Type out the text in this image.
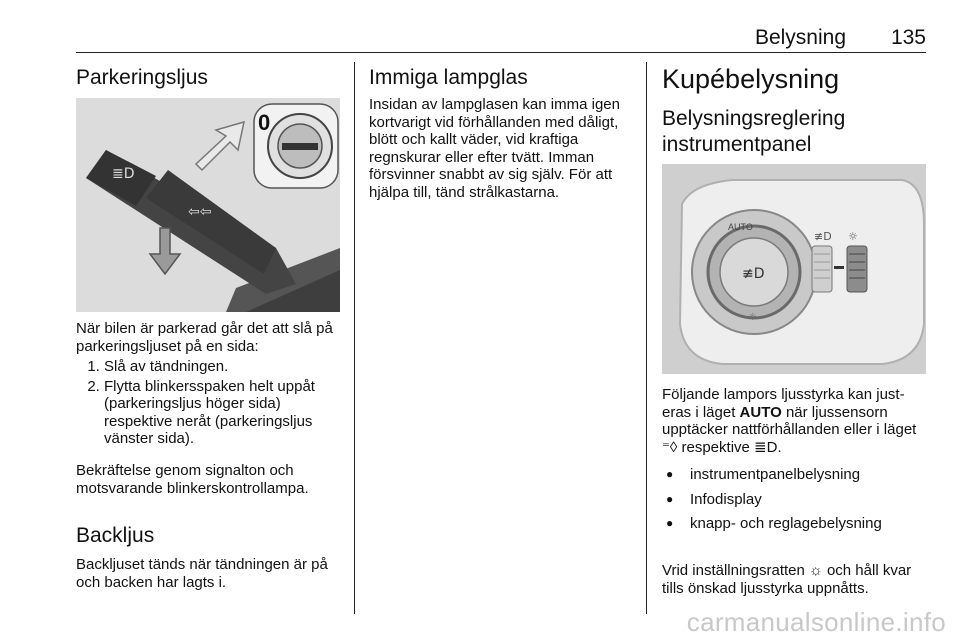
Belysning 135
Parkeringsljus
≣D
⇦⇦
0

När bilen är parkerad går det att slå på parkeringsljuset på en sida:

1. Slå av tändningen.
2. Flytta blinkersspaken helt uppåt (parkeringsljus höger sida) respektive neråt (parkeringsljus vänster sida).

Bekräftelse genom signalton och motsvarande blinkerskontrollampa.

Backljus

Backljuset tänds när tändningen är på och backen har lagts i.

Immiga lampglas

Insidan av lampglasen kan imma igen kortvarigt vid förhållanden med dåligt, blött och kallt väder, vid kraftiga regnskurar eller efter tvätt. Imman försvinner snabbt av sig själv. För att hjälpa till, tänd strålkastarna.

Kupébelysning
Belysningsreglering instrumentpanel
≢D
AUTO
☼
≢D ☼

Följande lampors ljusstyrka kan justeras i läget AUTO när ljussensorn upptäcker nattförhållanden eller i läget ⁼◊ respektive ≣D.

● instrumentpanelbelysning
● Infodisplay
● knapp- och reglagebelysning

Vrid inställningsratten ☼ och håll kvar tills önskad ljusstyrka uppnåtts.

carmanualsonline.info
